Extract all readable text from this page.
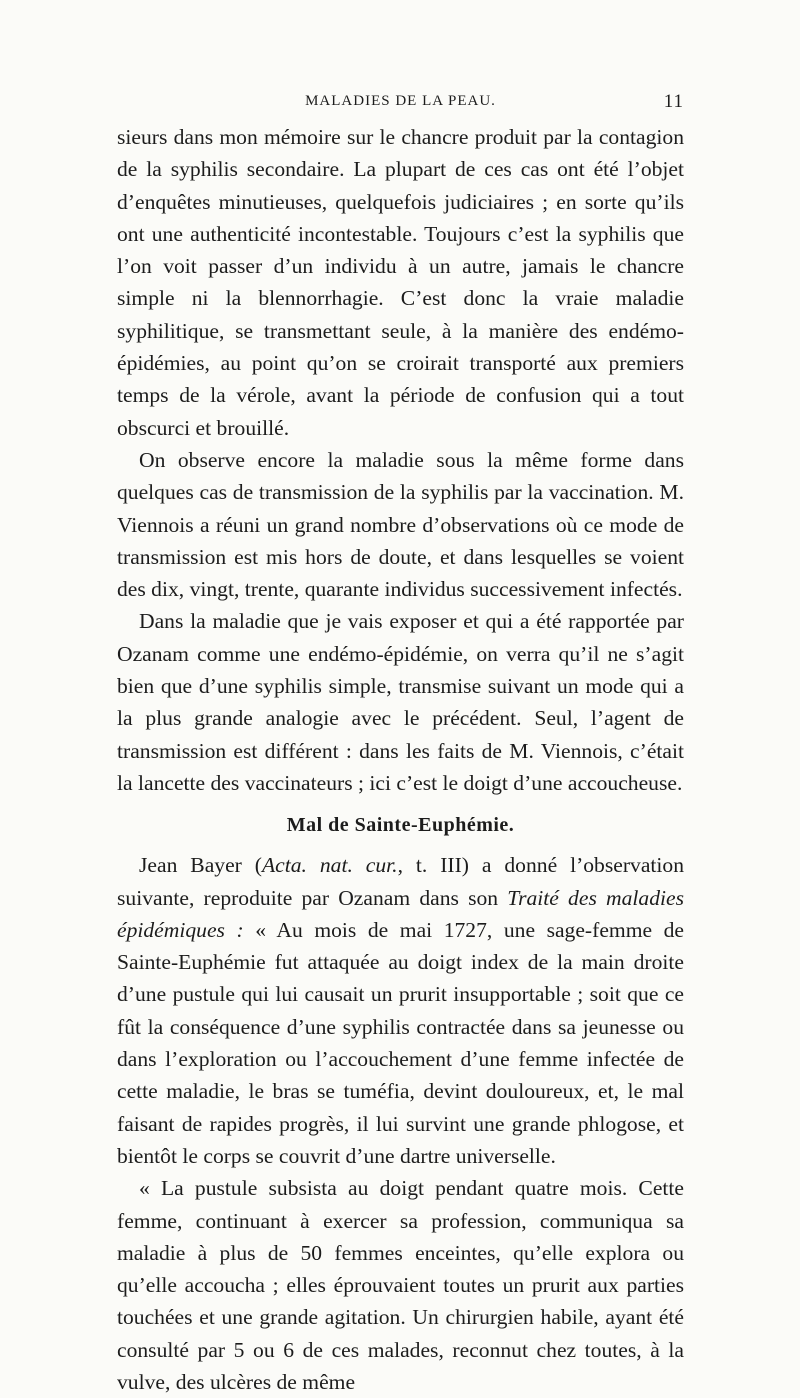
MALADIES DE LA PEAU.	11

sieurs dans mon mémoire sur le chancre produit par la contagion de la syphilis secondaire. La plupart de ces cas ont été l’objet d’enquêtes minutieuses, quelquefois judiciaires ; en sorte qu’ils ont une authenticité incontestable. Toujours c’est la syphilis que l’on voit passer d’un individu à un autre, jamais le chancre simple ni la blennorrhagie. C’est donc la vraie maladie syphilitique, se transmettant seule, à la manière des endémo-épidémies, au point qu’on se croirait transporté aux premiers temps de la vérole, avant la période de confusion qui a tout obscurci et brouillé.

On observe encore la maladie sous la même forme dans quelques cas de transmission de la syphilis par la vaccination. M. Viennois a réuni un grand nombre d’observations où ce mode de transmission est mis hors de doute, et dans lesquelles se voient des dix, vingt, trente, quarante individus successivement infectés.

Dans la maladie que je vais exposer et qui a été rapportée par Ozanam comme une endémo-épidémie, on verra qu’il ne s’agit bien que d’une syphilis simple, transmise suivant un mode qui a la plus grande analogie avec le précédent. Seul, l’agent de transmission est différent : dans les faits de M. Viennois, c’était la lancette des vaccinateurs ; ici c’est le doigt d’une accoucheuse.

Mal de Sainte-Euphémie.

Jean Bayer (Acta. nat. cur., t. III) a donné l’observation suivante, reproduite par Ozanam dans son Traité des maladies épidémiques : « Au mois de mai 1727, une sage-femme de Sainte-Euphémie fut attaquée au doigt index de la main droite d’une pustule qui lui causait un prurit insupportable ; soit que ce fût la conséquence d’une syphilis contractée dans sa jeunesse ou dans l’exploration ou l’accouchement d’une femme infectée de cette maladie, le bras se tuméfia, devint douloureux, et, le mal faisant de rapides progrès, il lui survint une grande phlogose, et bientôt le corps se couvrit d’une dartre universelle.

« La pustule subsista au doigt pendant quatre mois. Cette femme, continuant à exercer sa profession, communiqua sa maladie à plus de 50 femmes enceintes, qu’elle explora ou qu’elle accoucha ; elles éprouvaient toutes un prurit aux parties touchées et une grande agitation. Un chirurgien habile, ayant été consulté par 5 ou 6 de ces malades, reconnut chez toutes, à la vulve, des ulcères de même
